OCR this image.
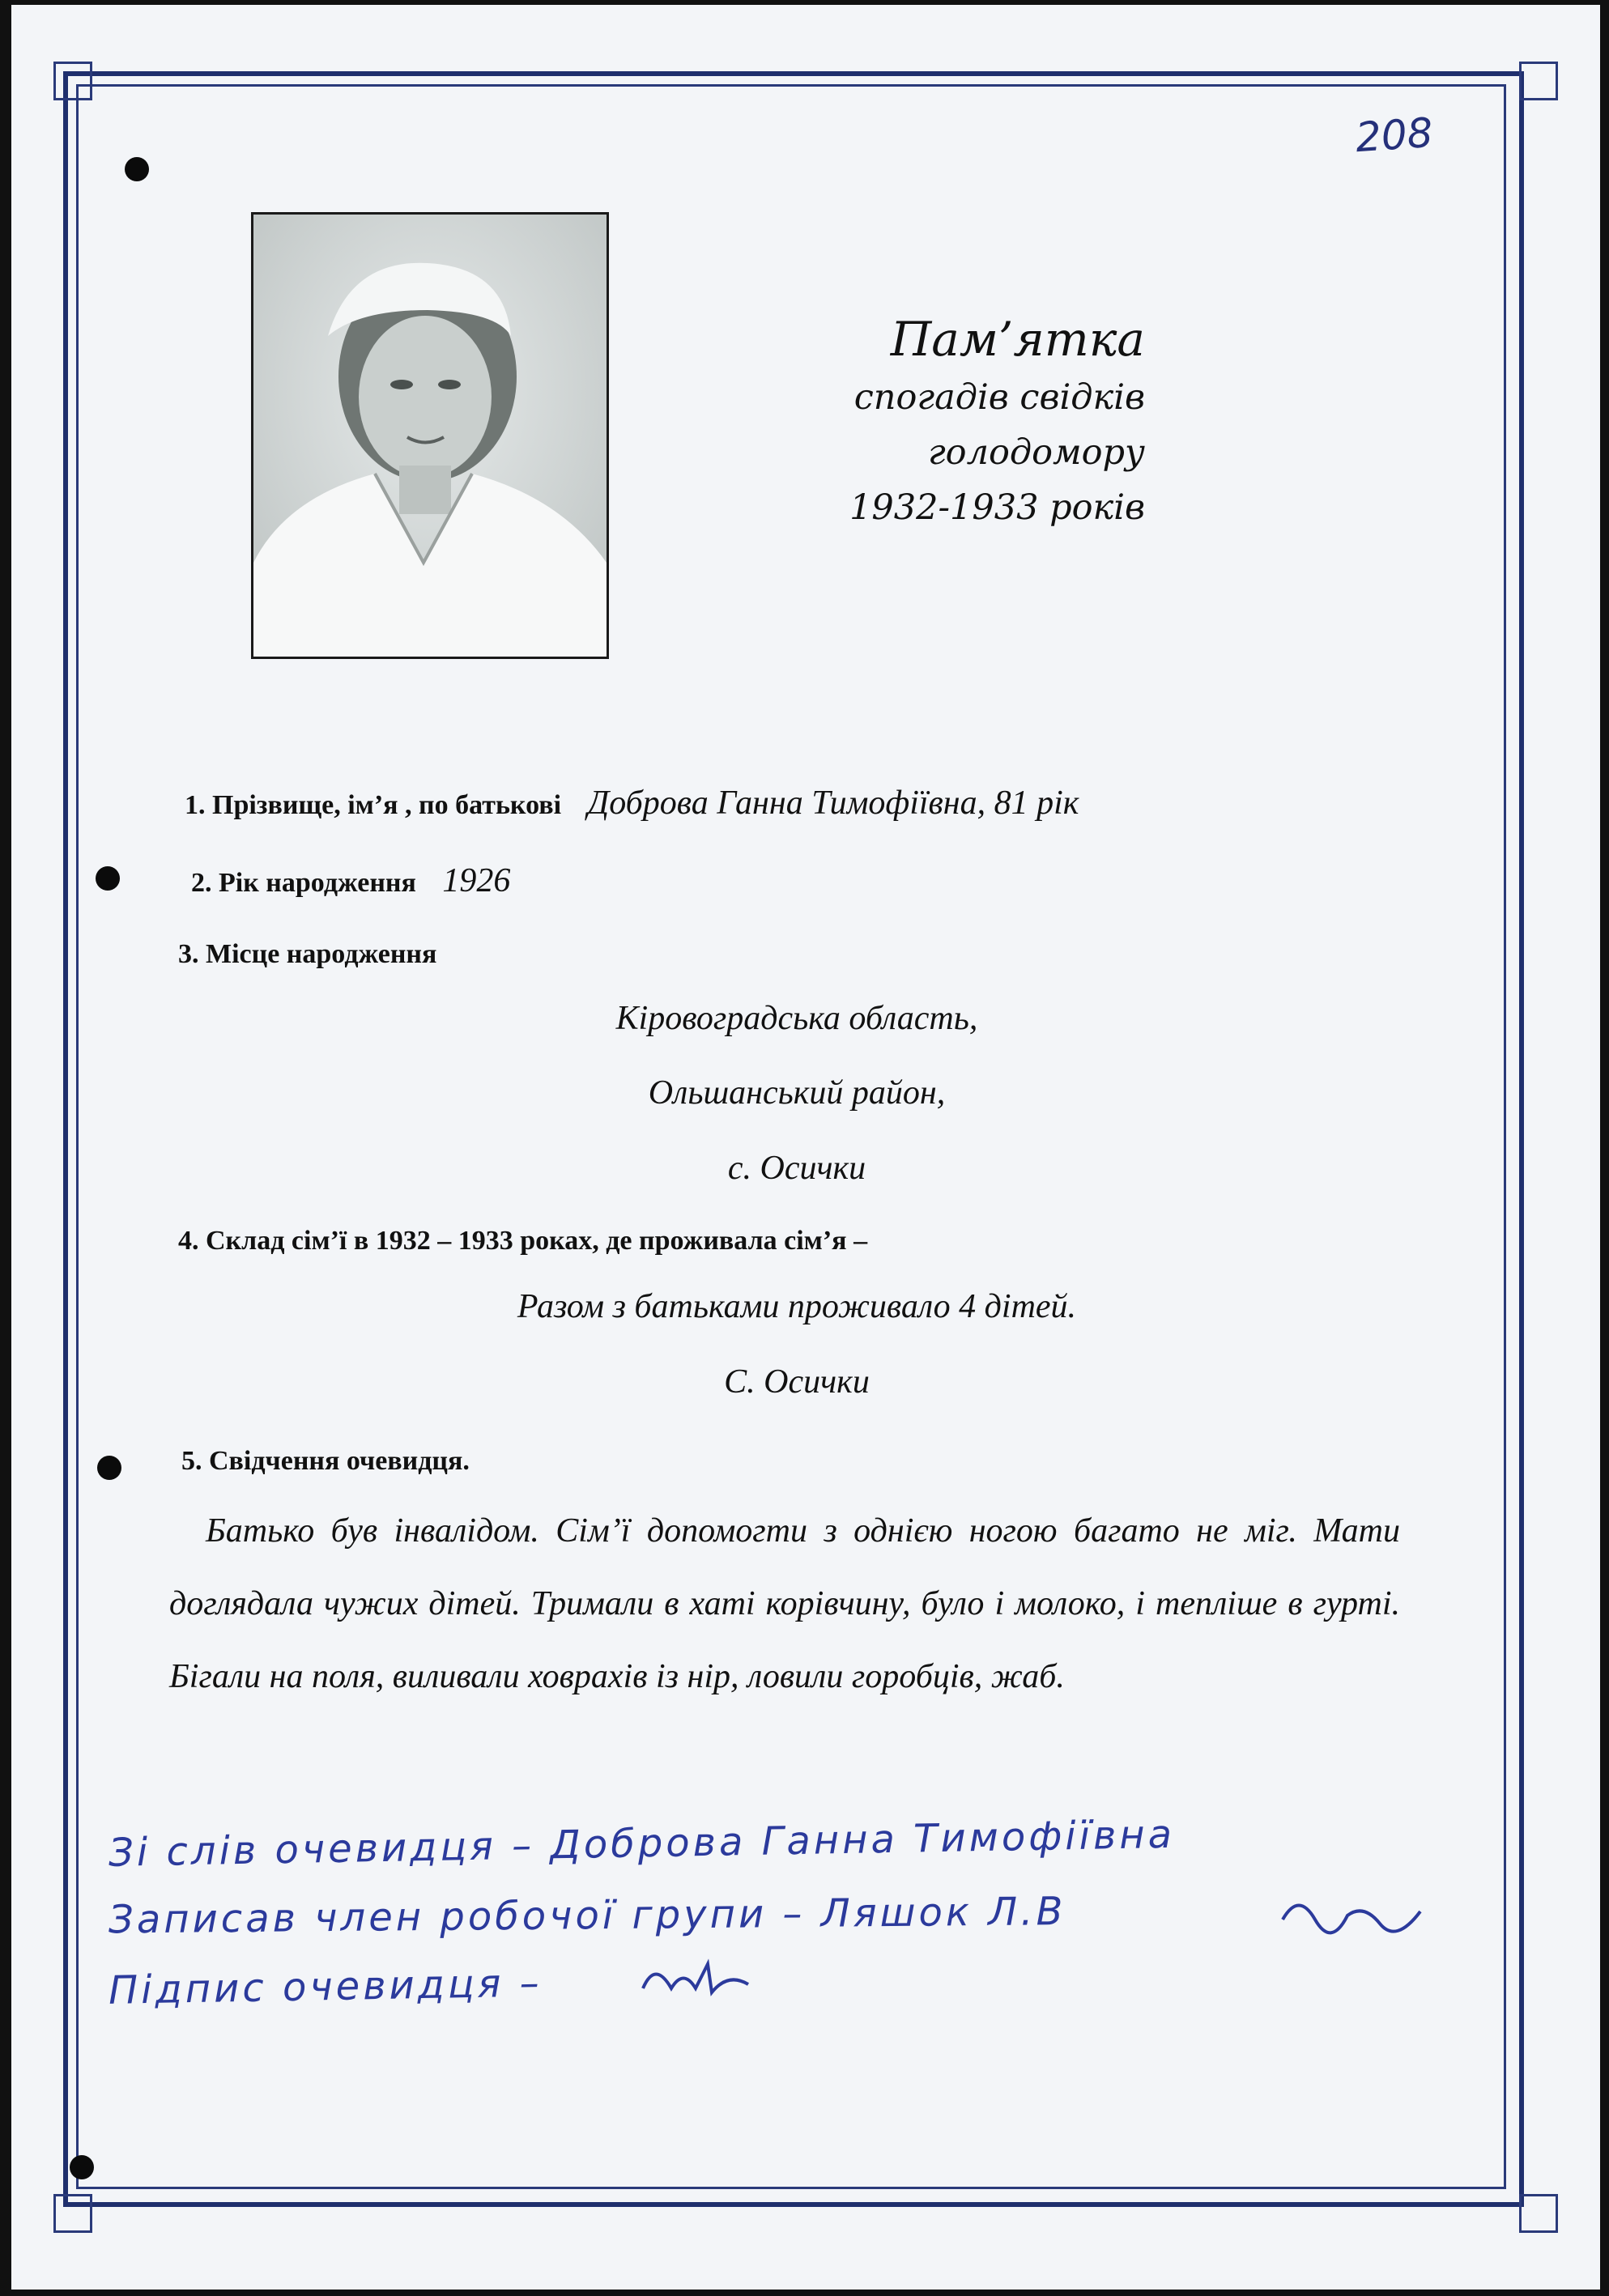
208
Пам’ятка
спогадів свідків
голодомору
1932-1933 років
1. Прізвище, ім’я , по батькові Доброва Ганна Тимофіївна, 81 рік
2. Рік народження 1926
3. Місце народження
Кіровоградська область,
Ольшанський район,
с. Осички
4. Склад сім’ї в 1932 – 1933 роках, де проживала сім’я –
Разом з батьками проживало 4 дітей.
С. Осички
5. Свідчення очевидця.
Батько був інвалідом. Сім’ї допомогти з однією ногою багато не міг. Мати доглядала чужих дітей. Тримали в хаті корівчину, було і молоко, і тепліше в гурті. Бігали на поля, виливали ховрахів із нір, ловили горобців, жаб.
Зі слів очевидця – Доброва Ганна Тимофіївна
Записав член робочої групи – Ляшок Л.В
Підпис очевидця –
